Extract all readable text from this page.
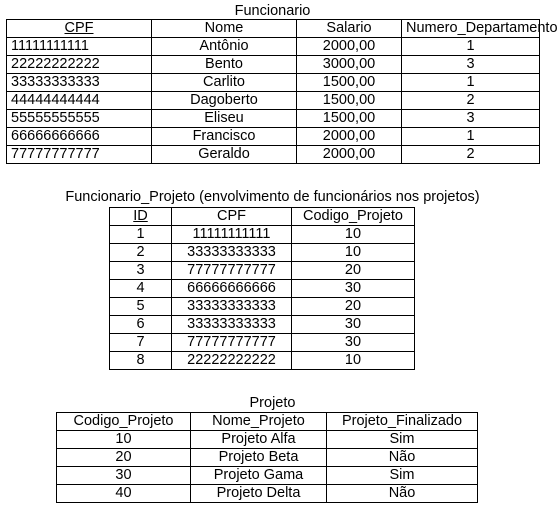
Funcionario
CPF	Nome	Salario	Numero_Departamento
11111111111	Antônio	2000,00	1
22222222222	Bento	3000,00	3
33333333333	Carlito	1500,00	1
44444444444	Dagoberto	1500,00	2
55555555555	Eliseu	1500,00	3
66666666666	Francisco	2000,00	1
77777777777	Geraldo	2000,00	2
Funcionario_Projeto (envolvimento de funcionários nos projetos)
ID	CPF	Codigo_Projeto
1	11111111111	10
2	33333333333	10
3	77777777777	20
4	66666666666	30
5	33333333333	20
6	33333333333	30
7	77777777777	30
8	22222222222	10
Projeto
Codigo_Projeto	Nome_Projeto	Projeto_Finalizado
10	Projeto Alfa	Sim
20	Projeto Beta	Não
30	Projeto Gama	Sim
40	Projeto Delta	Não
